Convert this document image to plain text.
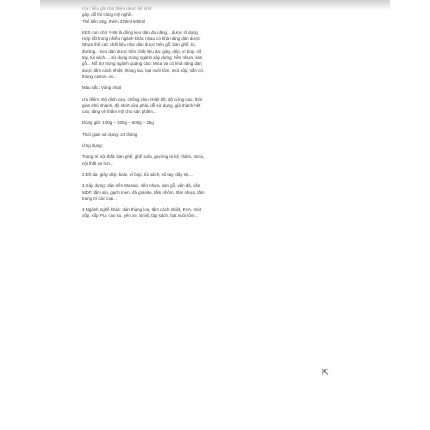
Ưu / tiểu ghi chú thiên dược kế nhờ
gây, dỗ thì cũng mỹ nghề..
Thể tiến 25g, thêm 220ml 600ml
KE0 con chờ Y-66 lá dông keo dán đa năng, , dược sĩ dụng
Hợp rất trong nhiều ngành khác nhau có khả năng dán dược
Nhựa thể các chất liệu như dán dược trên gỗ: bàn ghế, tủ,
đường... keo dán dược trên chất liệu da: giày, dép, ví bóp, số
tay, túi xách..., sử dụng trong ngành xây dựng: nền nhựa, sàn
gỗ... Nỗ trợ trong ngành quảng cáo: Mica và có khả năng dán
dược tấm cách nhiệt, thùng loa, bạt nuôi tôm, mút xốp, sắn cỏ,
thùng carton..vv...
Màu sắc: Vàng nhạt
Ưu điểm: Độ dính cao, chống chịu nhiệt tốt, độ cứng cao, thời
gian khô nhanh, độ nhớt vừa phải, dễ sử dụng, giá thành hết
cao, tăng vẻ thẩm mỹ cho sản phẩm...
Dùng giữ: 100g – 200g – 600g – 25g
Thời gian sử dụng: 24 tháng
Ứng dụng:
Trang trí nội thất: bàn ghế, ghế sofa, giường tủ kệ, thảm, mica,
nội thất xe hơi...
2.Đồ da: giày dép, balo, ví bóp, túi xách, sổ tay, dây nịt....
3.Xây dựng: dán nền Mosaic, nền nhựa, sàn gỗ, vân đá, vân
MDF, tấm alu, gạch men, đá granite, tấm nhôm, tấm nhựa, tấm
trang trí các loại...
4.Ngành nghề khác: dán thùng loa, tấm cách nhiệt, EVA, mút
xốp, xốp PU, cao su, yên xe, simili, tập sách, bạt nuôi tôm...
⇱
